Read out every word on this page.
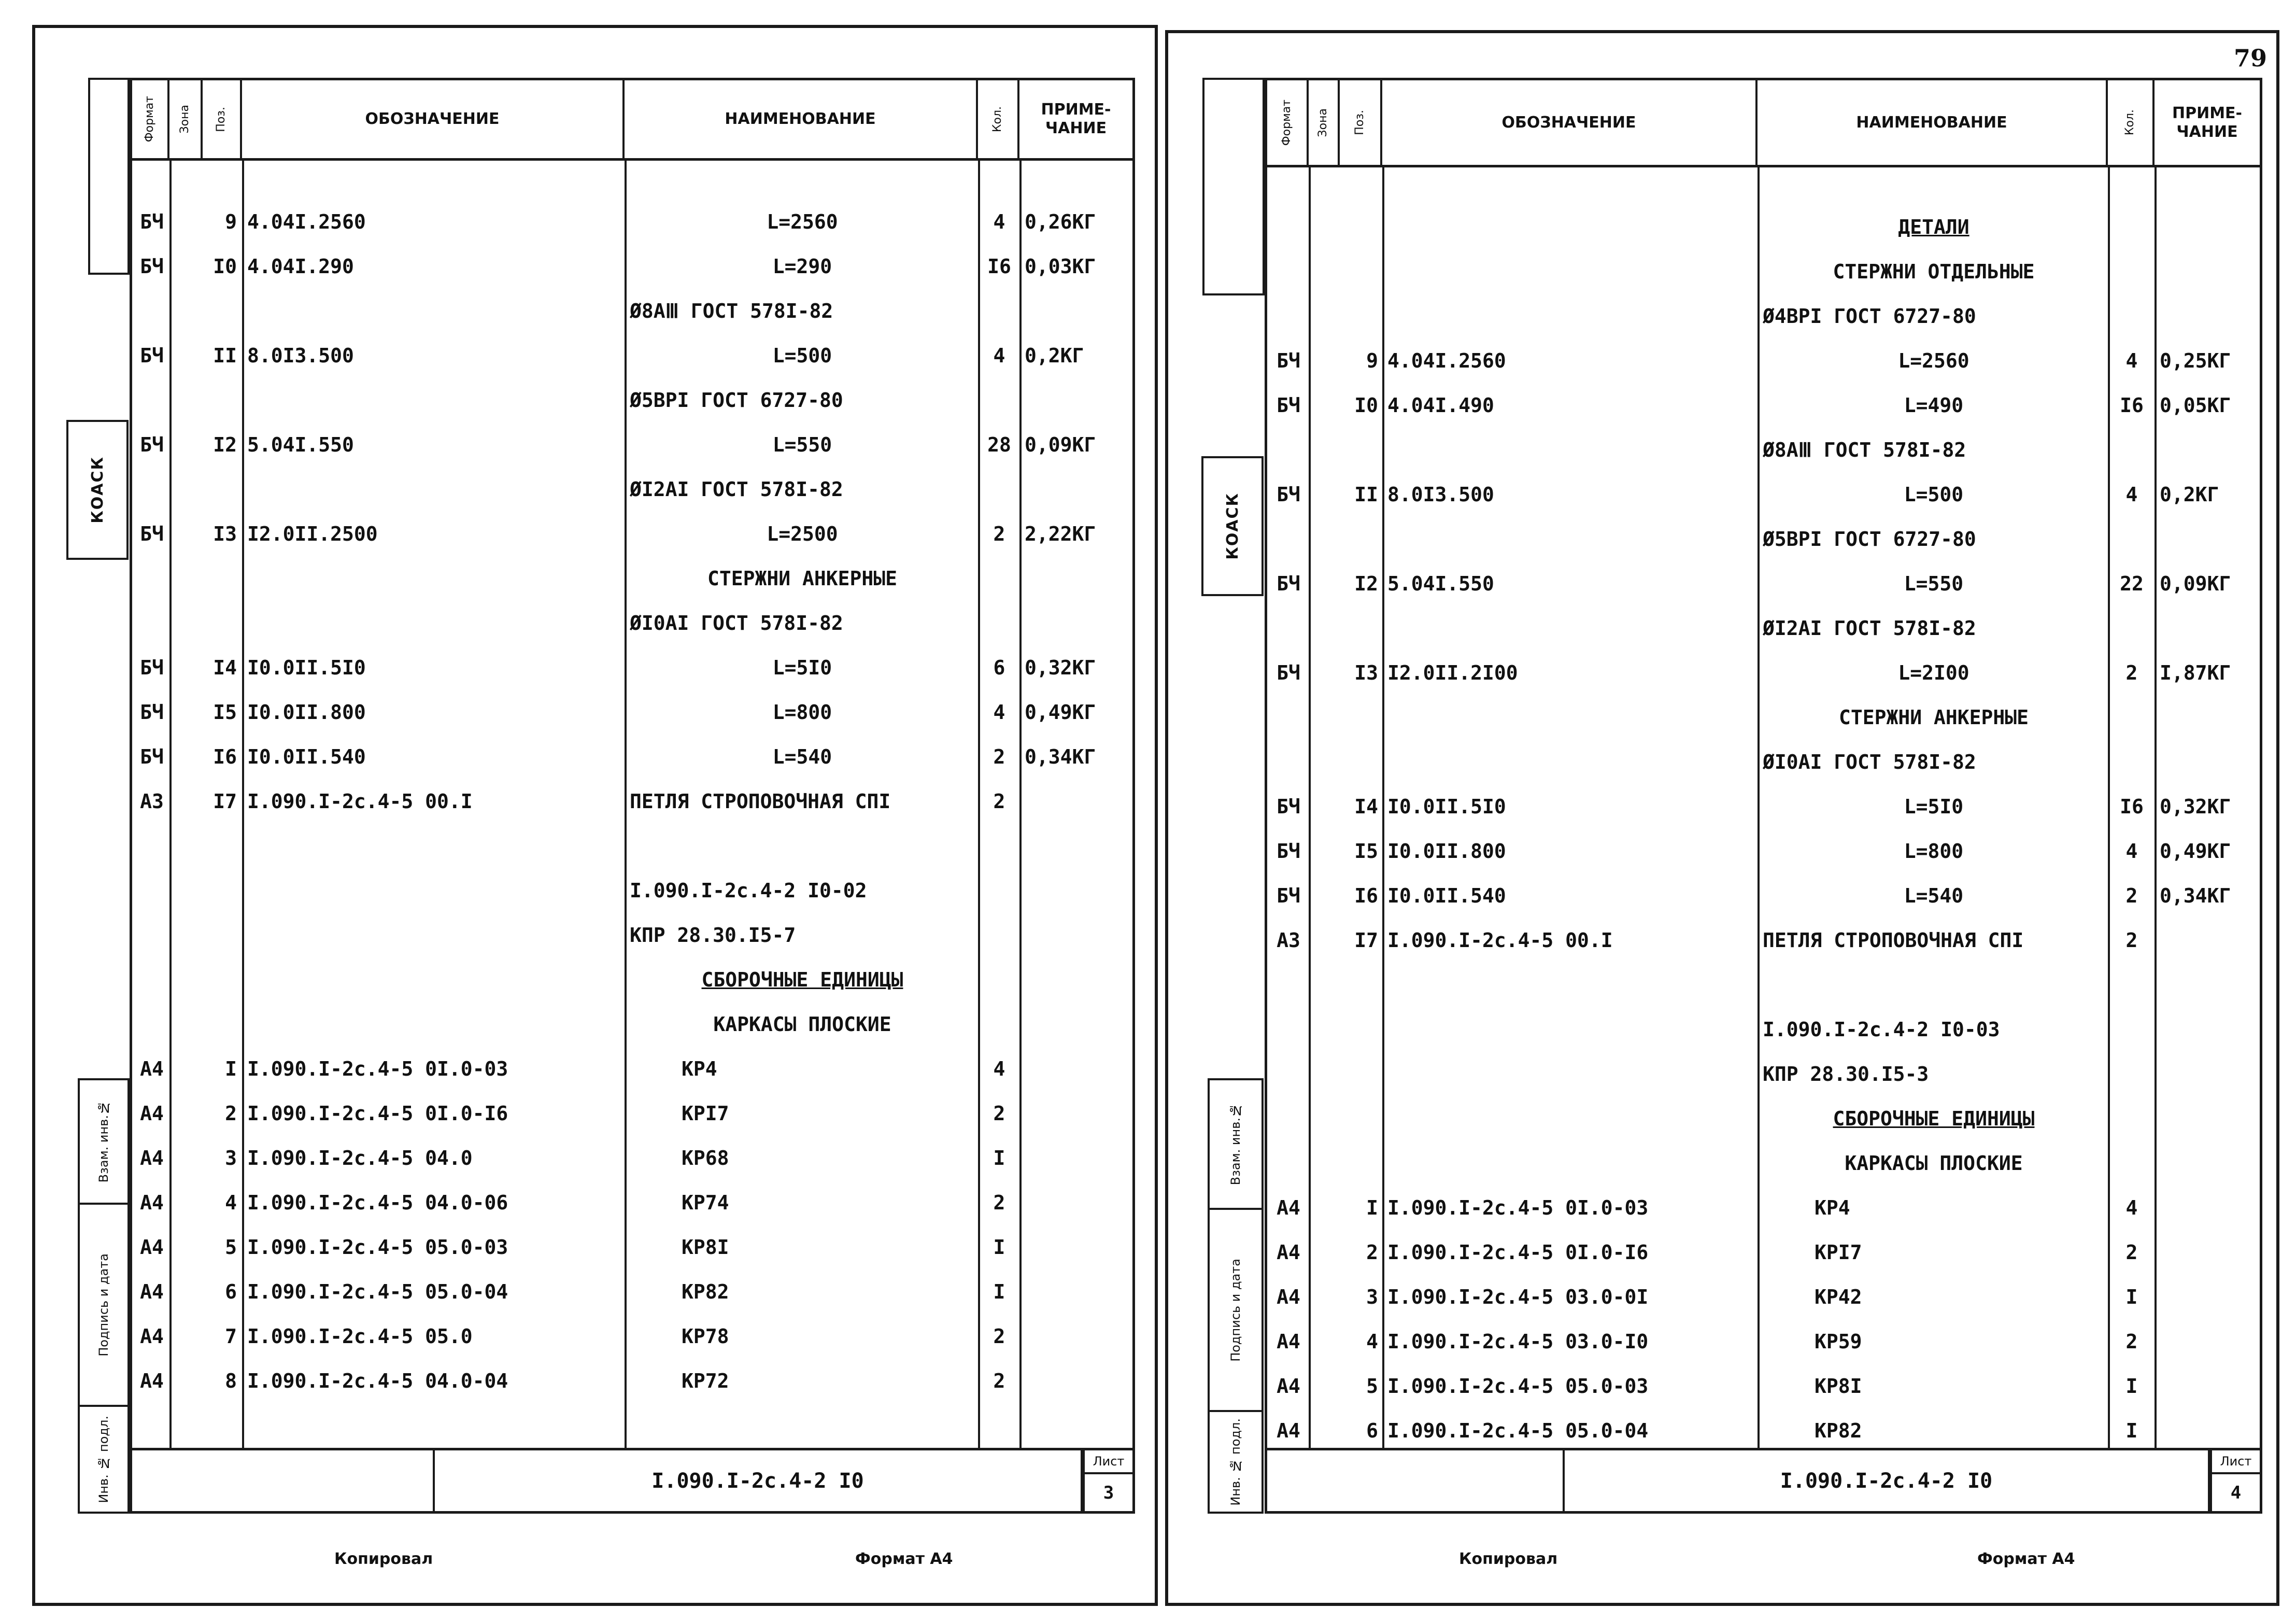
79
КОАСК
Взам. инв.№
Подпись и дата
Инв. № подл.
Формат Зона Поз.	ОБОЗНАЧЕНИЕ	НАИМЕНОВАНИЕ	Кол.	ПРИМЕ-
ЧАНИЕ
БЧ	9 4.04I.2560	L=2560	4 0,26КГ
БЧ	I0 4.04I.290	L=290	I6 0,03КГ
Ø8АⅢ ГОСТ 578I-82
БЧ	II 8.0I3.500	L=500	4 0,2КГ
Ø5ВРI ГОСТ 6727-80
БЧ	I2 5.04I.550	L=550	28 0,09КГ
ØI2AI ГОСТ 578I-82
БЧ	I3 I2.0II.2500	L=2500	2 2,22КГ
СТЕРЖНИ АНКЕРНЫЕ
ØI0AI ГОСТ 578I-82
БЧ	I4 I0.0II.5I0	L=5I0	6 0,32КГ
БЧ	I5 I0.0II.800	L=800	4 0,49КГ
БЧ	I6 I0.0II.540	L=540	2 0,34КГ
А3	I7 I.090.I-2с.4-5 00.I	ПЕТЛЯ СТРОПОВОЧНАЯ СПI	2
I.090.I-2с.4-2 I0-02
КПР 28.30.I5-7
СБОРОЧНЫЕ ЕДИНИЦЫ
КАРКАСЫ ПЛОСКИЕ
А4	I I.090.I-2с.4-5 0I.0-03	КР4	4
А4	2 I.090.I-2с.4-5 0I.0-I6	КРI7	2
А4	3 I.090.I-2с.4-5 04.0	КР68	I
А4	4 I.090.I-2с.4-5 04.0-06	КР74	2
А4	5 I.090.I-2с.4-5 05.0-03	КР8I	I
А4	6 I.090.I-2с.4-5 05.0-04	КР82	I
А4	7 I.090.I-2с.4-5 05.0	КР78	2
А4	8 I.090.I-2с.4-5 04.0-04	КР72	2
I.090.I-2с.4-2 I0
Лист
3
Копировал	Формат А4
КОАСК
Взам. инв.№
Подпись и дата
Инв. № подл.
Формат Зона Поз.	ОБОЗНАЧЕНИЕ	НАИМЕНОВАНИЕ	Кол.	ПРИМЕ-
ЧАНИЕ
ДЕТАЛИ
СТЕРЖНИ ОТДЕЛЬНЫЕ
Ø4ВРI ГОСТ 6727-80
БЧ	9 4.04I.2560	L=2560	4	0,25КГ
БЧ	I0 4.04I.490	L=490	I6 0,05КГ
Ø8АⅢ ГОСТ 578I-82
БЧ	II 8.0I3.500	L=500	4	0,2КГ
Ø5ВРI ГОСТ 6727-80
БЧ	I2 5.04I.550	L=550	22 0,09КГ
ØI2AI ГОСТ 578I-82
БЧ	I3 I2.0II.2I00	L=2I00	2	I,87КГ
СТЕРЖНИ АНКЕРНЫЕ
ØI0AI ГОСТ 578I-82
БЧ	I4 I0.0II.5I0	L=5I0	I6 0,32КГ
БЧ	I5 I0.0II.800	L=800	4	0,49КГ
БЧ	I6 I0.0II.540	L=540	2	0,34КГ
А3	I7 I.090.I-2с.4-5 00.I	ПЕТЛЯ СТРОПОВОЧНАЯ СПI	2
I.090.I-2с.4-2 I0-03
КПР 28.30.I5-3
СБОРОЧНЫЕ ЕДИНИЦЫ
КАРКАСЫ ПЛОСКИЕ
А4	I I.090.I-2с.4-5 0I.0-03	КР4	4
А4	2 I.090.I-2с.4-5 0I.0-I6	КРI7	2
А4	3 I.090.I-2с.4-5 03.0-0I	КР42	I
А4	4 I.090.I-2с.4-5 03.0-I0	КР59	2
А4	5 I.090.I-2с.4-5 05.0-03	КР8I	I
А4	6 I.090.I-2с.4-5 05.0-04	КР82	I
I.090.I-2с.4-2 I0
Лист
4
Копировал	Формат А4
